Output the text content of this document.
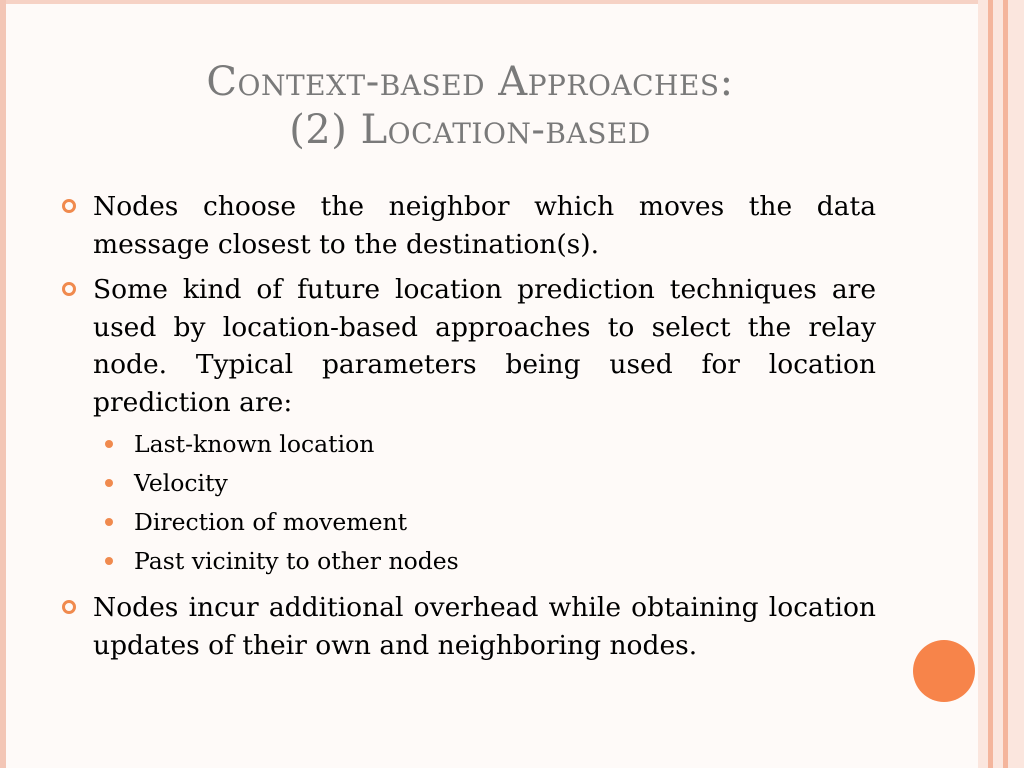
Context-based Approaches:
(2) Location-based
Nodes choose the neighbor which moves the data message closest to the destination(s).
Some kind of future location prediction techniques are used by location-based approaches to select the relay node. Typical parameters being used for location prediction are:
Last-known location
Velocity
Direction of movement
Past vicinity to other nodes
Nodes incur additional overhead while obtaining location updates of their own and neighboring nodes.
